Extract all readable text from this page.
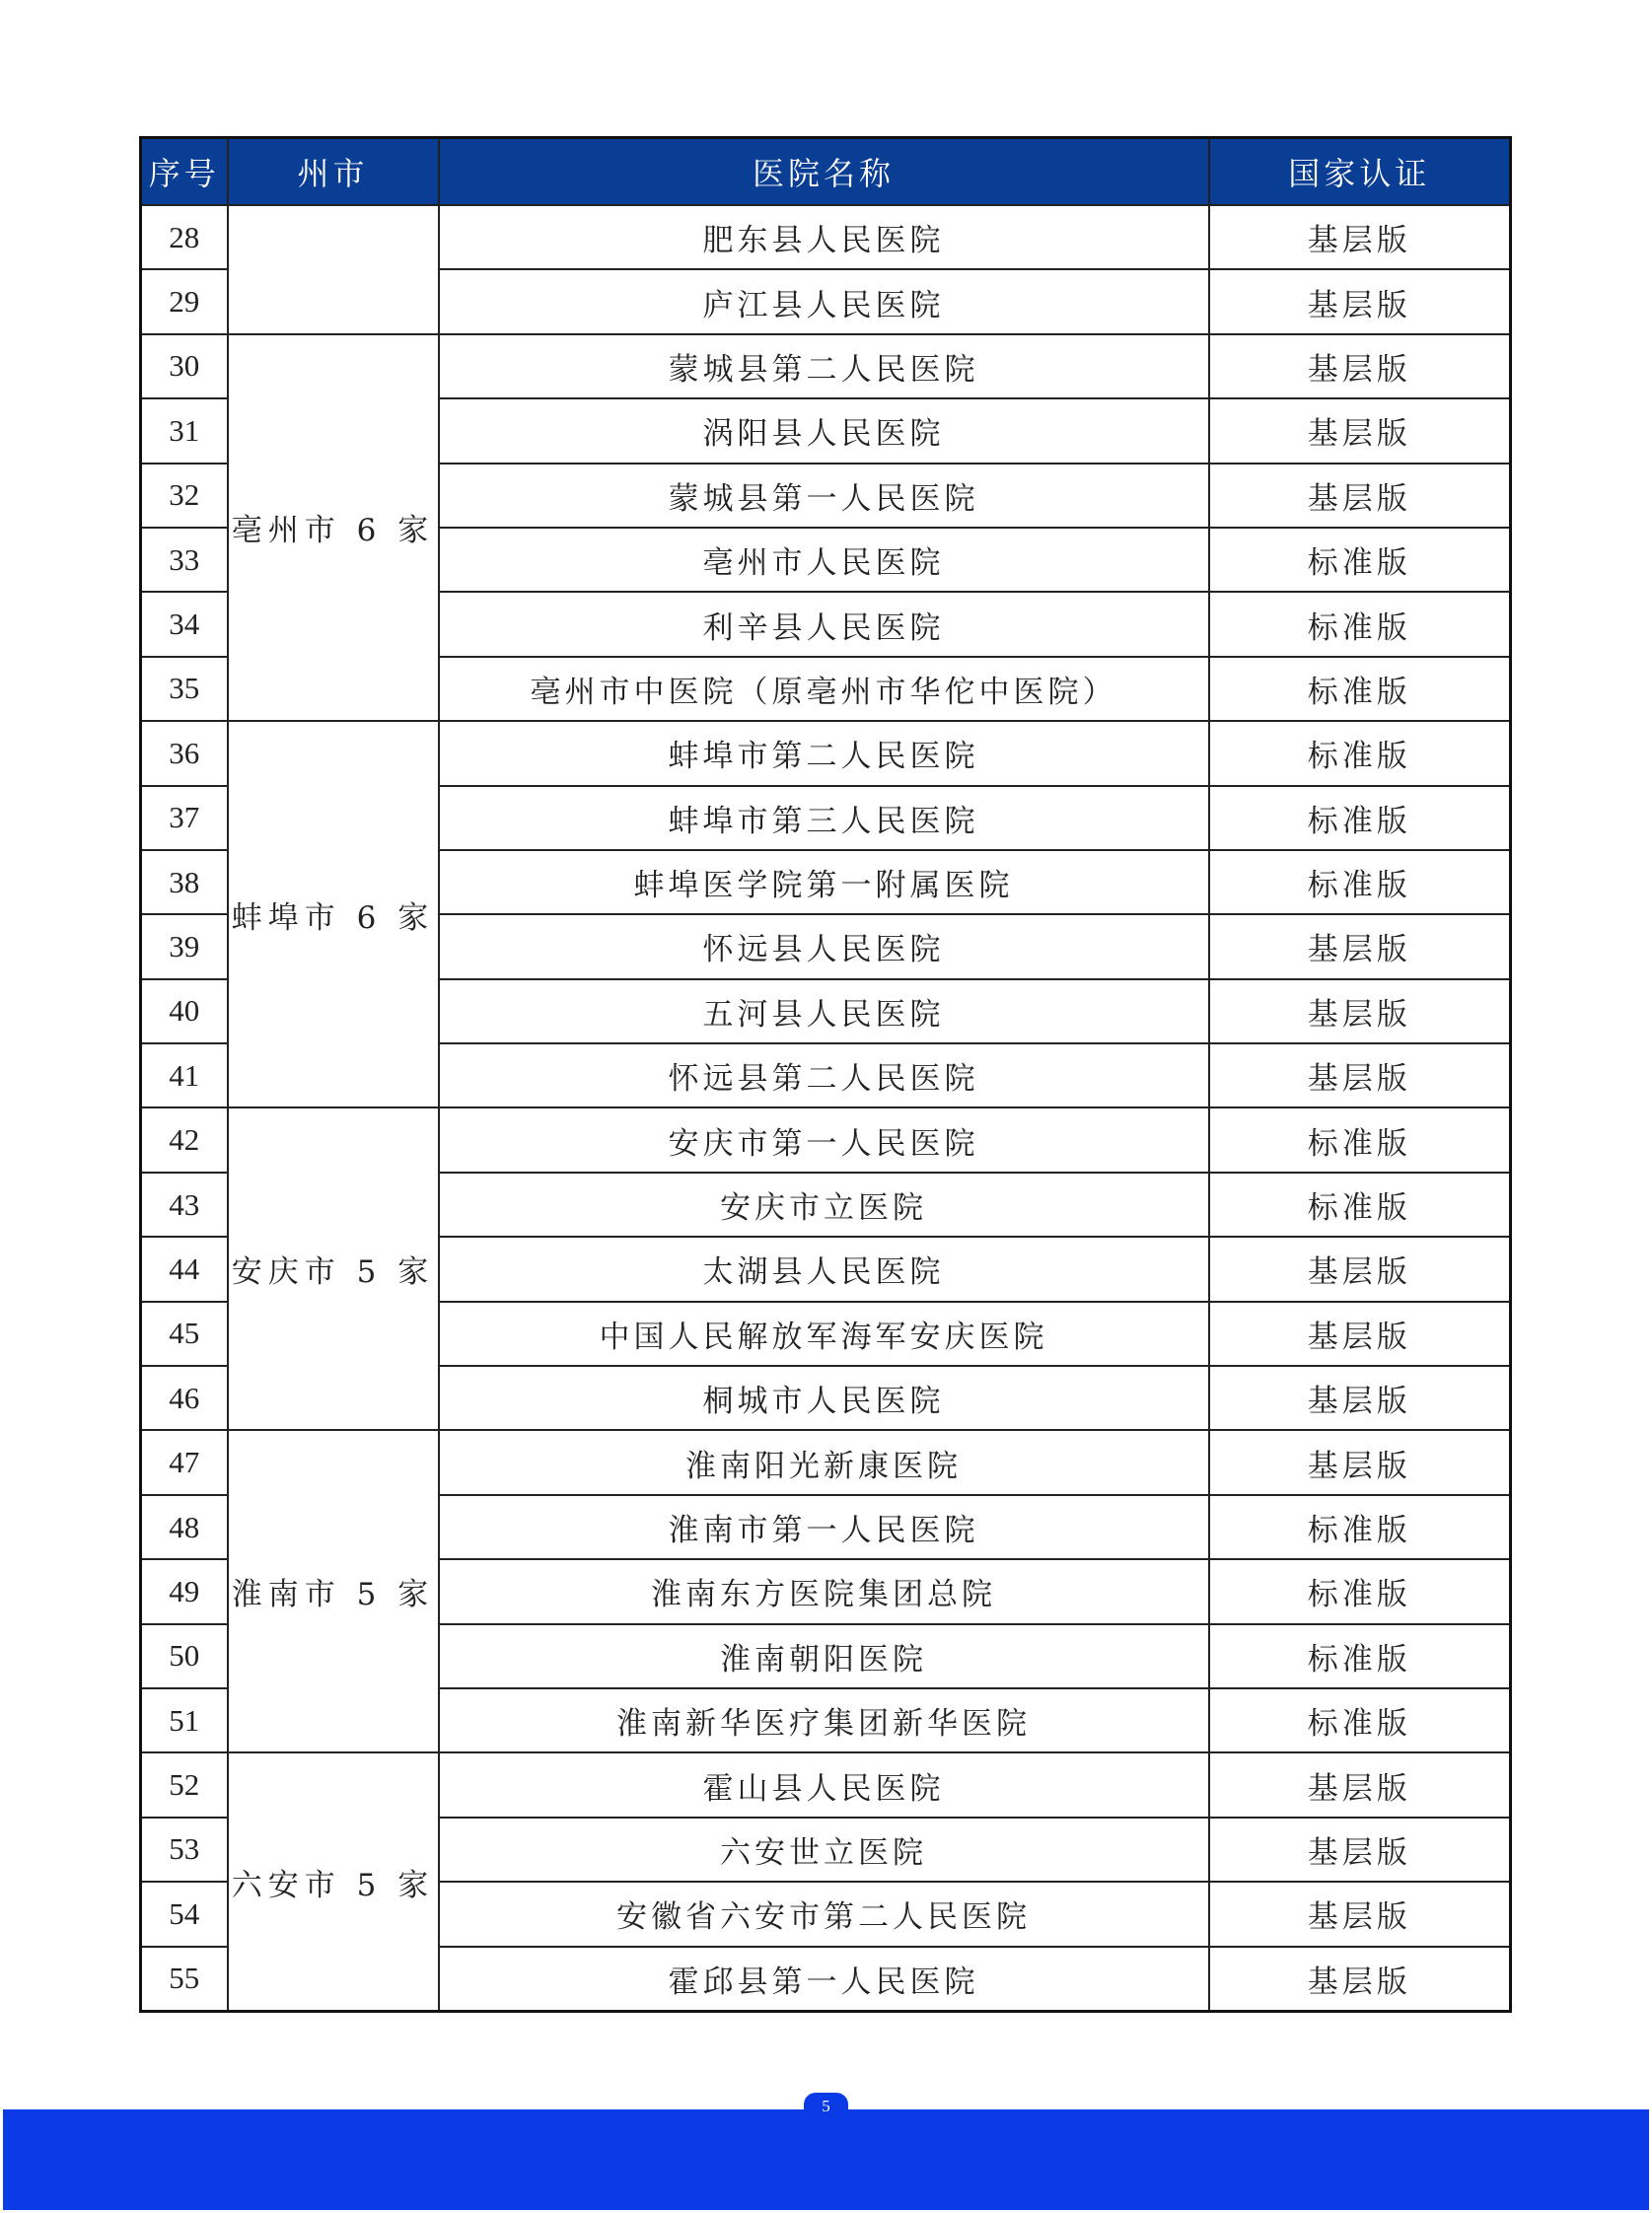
序号	州市	医院名称	国家认证
28		肥东县人民医院	基层版
29		庐江县人民医院	基层版
30	亳州市 6 家	蒙城县第二人民医院	基层版
31		涡阳县人民医院	基层版
32		蒙城县第一人民医院	基层版
33		亳州市人民医院	标准版
34		利辛县人民医院	标准版
35		亳州市中医院（原亳州市华佗中医院）	标准版
36	蚌埠市 6 家	蚌埠市第二人民医院	标准版
37		蚌埠市第三人民医院	标准版
38		蚌埠医学院第一附属医院	标准版
39		怀远县人民医院	基层版
40		五河县人民医院	基层版
41		怀远县第二人民医院	基层版
42	安庆市 5 家	安庆市第一人民医院	标准版
43		安庆市立医院	标准版
44		太湖县人民医院	基层版
45		中国人民解放军海军安庆医院	基层版
46		桐城市人民医院	基层版
47	淮南市 5 家	淮南阳光新康医院	基层版
48		淮南市第一人民医院	标准版
49		淮南东方医院集团总院	标准版
50		淮南朝阳医院	标准版
51		淮南新华医疗集团新华医院	标准版
52	六安市 5 家	霍山县人民医院	基层版
53		六安世立医院	基层版
54		安徽省六安市第二人民医院	基层版
55		霍邱县第一人民医院	基层版
5
